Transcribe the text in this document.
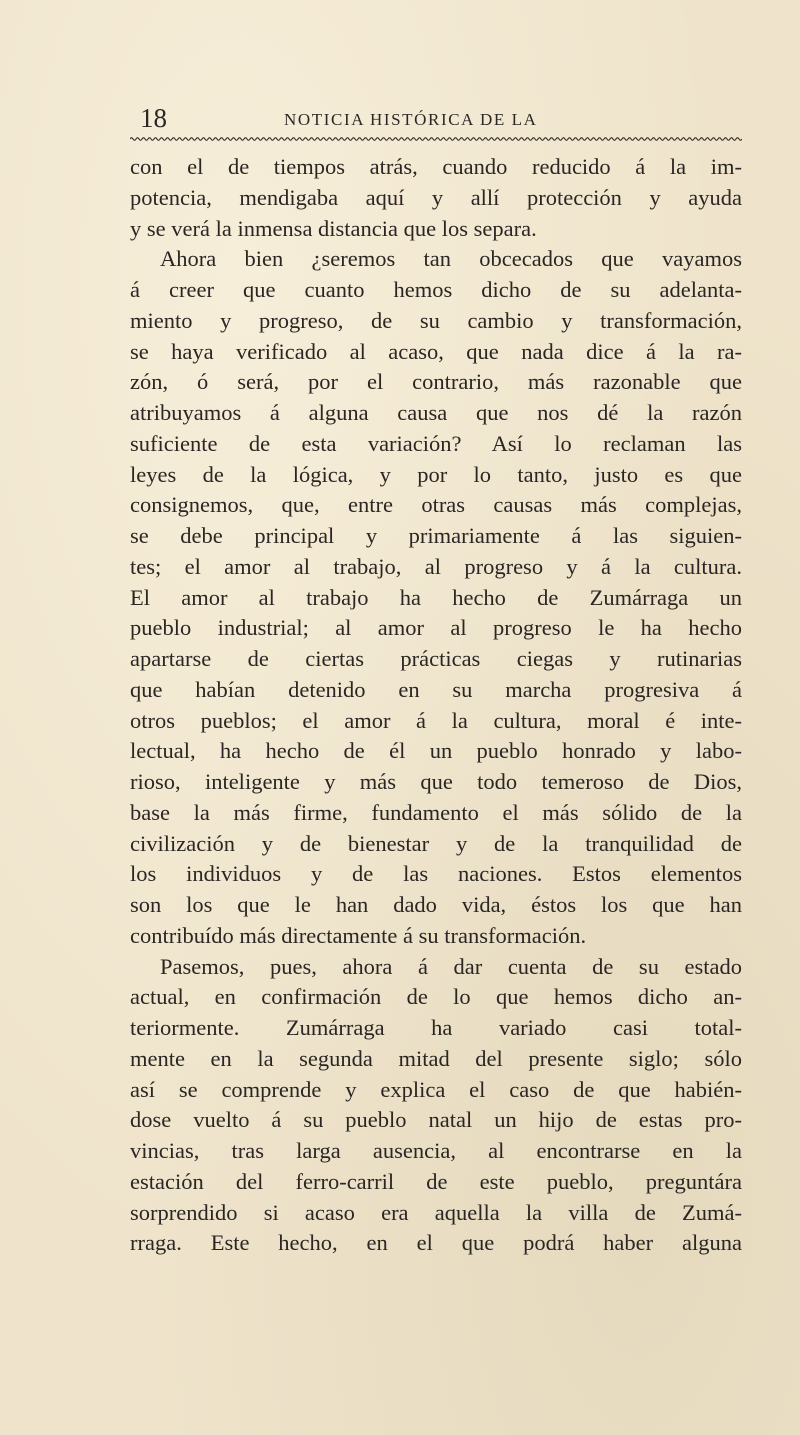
18	NOTICIA HISTÓRICA DE LA
con el de tiempos atrás, cuando reducido á la im-
potencia, mendigaba aquí y allí protección y ayuda
y se verá la inmensa distancia que los separa.
Ahora bien ¿seremos tan obcecados que vayamos
á creer que cuanto hemos dicho de su adelanta-
miento y progreso, de su cambio y transformación,
se haya verificado al acaso, que nada dice á la ra-
zón, ó será, por el contrario, más razonable que
atribuyamos á alguna causa que nos dé la razón
suficiente de esta variación? Así lo reclaman las
leyes de la lógica, y por lo tanto, justo es que
consignemos, que, entre otras causas más complejas,
se debe principal y primariamente á las siguien-
tes; el amor al trabajo, al progreso y á la cultura.
El amor al trabajo ha hecho de Zumárraga un
pueblo industrial; al amor al progreso le ha hecho
apartarse de ciertas prácticas ciegas y rutinarias
que habían detenido en su marcha progresiva á
otros pueblos; el amor á la cultura, moral é inte-
lectual, ha hecho de él un pueblo honrado y labo-
rioso, inteligente y más que todo temeroso de Dios,
base la más firme, fundamento el más sólido de la
civilización y de bienestar y de la tranquilidad de
los individuos y de las naciones. Estos elementos
son los que le han dado vida, éstos los que han
contribuído más directamente á su transformación.
Pasemos, pues, ahora á dar cuenta de su estado
actual, en confirmación de lo que hemos dicho an-
teriormente. Zumárraga ha variado casi total-
mente en la segunda mitad del presente siglo; sólo
así se comprende y explica el caso de que habién-
dose vuelto á su pueblo natal un hijo de estas pro-
vincias, tras larga ausencia, al encontrarse en la
estación del ferro-carril de este pueblo, preguntára
sorprendido si acaso era aquella la villa de Zumá-
rraga. Este hecho, en el que podrá haber alguna
